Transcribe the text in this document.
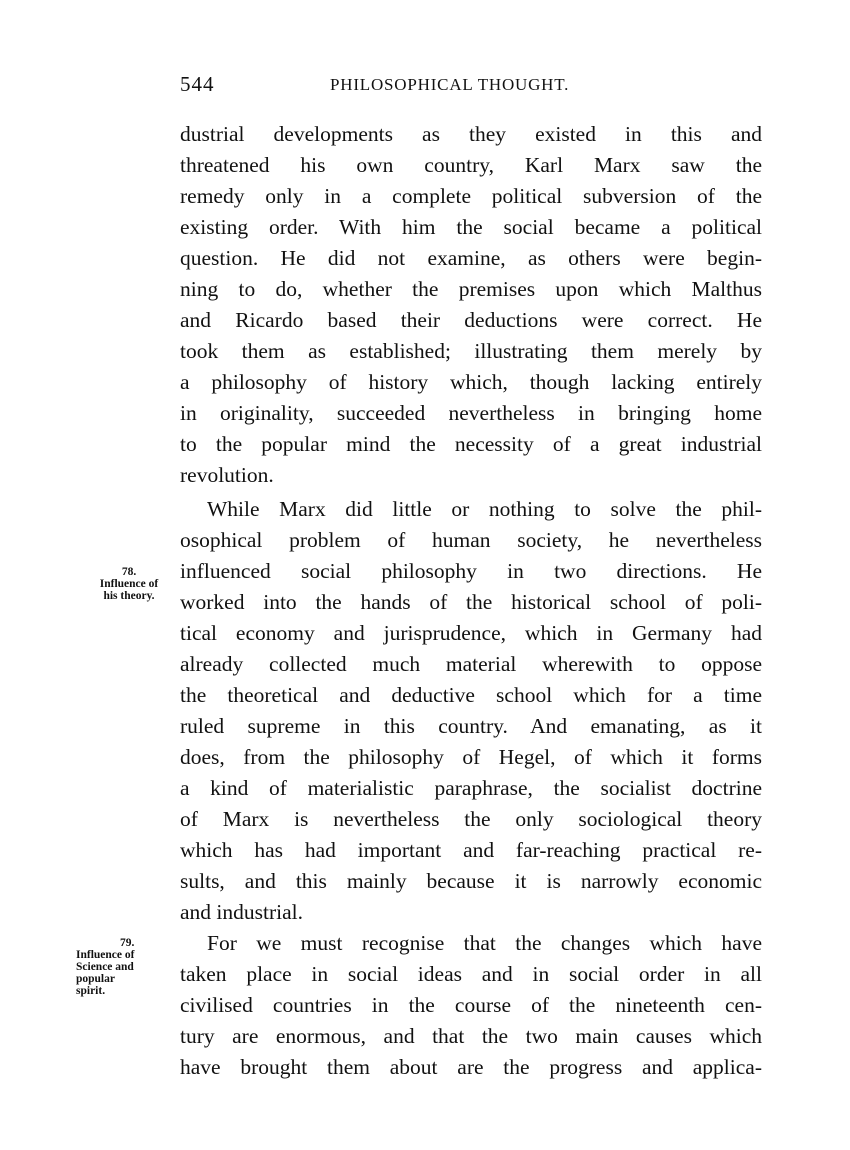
544	PHILOSOPHICAL THOUGHT.
dustrial developments as they existed in this and
threatened his own country, Karl Marx saw the
remedy only in a complete political subversion of the
existing order. With him the social became a political
question. He did not examine, as others were begin-
ning to do, whether the premises upon which Malthus
and Ricardo based their deductions were correct. He
took them as established; illustrating them merely by
a philosophy of history which, though lacking entirely
in originality, succeeded nevertheless in bringing home
to the popular mind the necessity of a great industrial
revolution.
While Marx did little or nothing to solve the phil-
osophical problem of human society, he nevertheless
influenced social philosophy in two directions. He
worked into the hands of the historical school of poli-
tical economy and jurisprudence, which in Germany had
already collected much material wherewith to oppose
the theoretical and deductive school which for a time
ruled supreme in this country. And emanating, as it
does, from the philosophy of Hegel, of which it forms
a kind of materialistic paraphrase, the socialist doctrine
of Marx is nevertheless the only sociological theory
which has had important and far-reaching practical re-
sults, and this mainly because it is narrowly economic
and industrial.
For we must recognise that the changes which have
taken place in social ideas and in social order in all
civilised countries in the course of the nineteenth cen-
tury are enormous, and that the two main causes which
have brought them about are the progress and applica-
78.
Influence of
his theory.
79.
Influence of
Science and
popular
spirit.
